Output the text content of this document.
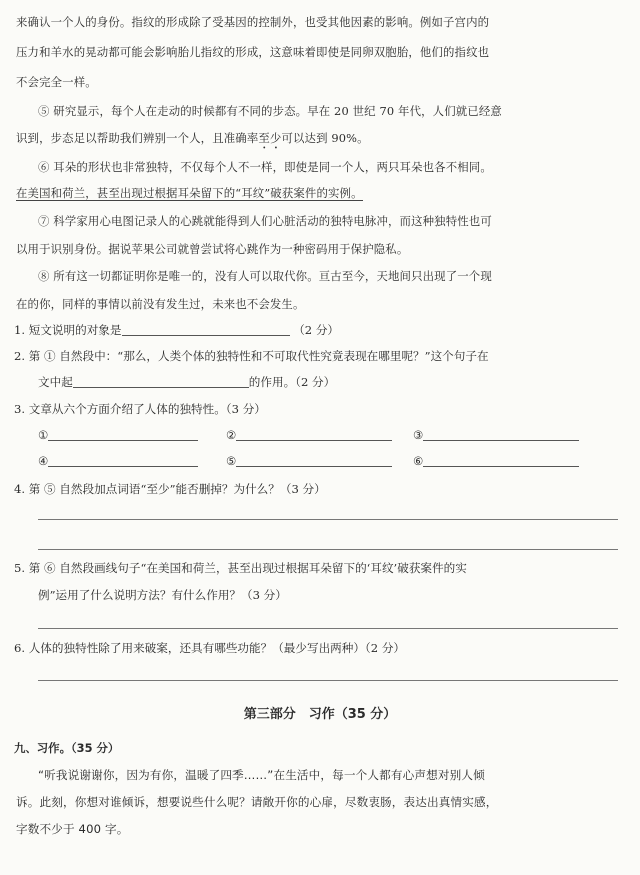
来确认一个人的身份。指纹的形成除了受基因的控制外，也受其他因素的影响。例如子宫内的
压力和羊水的晃动都可能会影响胎儿指纹的形成，这意味着即使是同卵双胞胎，他们的指纹也
不会完全一样。
⑤ 研究显示，每个人在走动的时候都有不同的步态。早在 20 世纪 70 年代，人们就已经意
识到，步态足以帮助我们辨别一个人，且准确率至少可以达到 90%。
⑥ 耳朵的形状也非常独特，不仅每个人不一样，即使是同一个人，两只耳朵也各不相同。
在美国和荷兰，甚至出现过根据耳朵留下的“耳纹”破获案件的实例。
⑦ 科学家用心电图记录人的心跳就能得到人们心脏活动的独特电脉冲，而这种独特性也可
以用于识别身份。据说苹果公司就曾尝试将心跳作为一种密码用于保护隐私。
⑧ 所有这一切都证明你是唯一的，没有人可以取代你。亘古至今，天地间只出现了一个现
在的你，同样的事情以前没有发生过，未来也不会发生。
1. 短文说明的对象是	（2 分）
2. 第 ① 自然段中：“那么，人类个体的独特性和不可取代性究竟表现在哪里呢？”这个句子在
文中起	的作用。（2 分）
3. 文章从六个方面介绍了人体的独特性。（3 分）
①	②	③
④	⑤	⑥
4. 第 ⑤ 自然段加点词语“至少”能否删掉？为什么？（3 分）
5. 第 ⑥ 自然段画线句子“在美国和荷兰，甚至出现过根据耳朵留下的‘耳纹’破获案件的实
例”运用了什么说明方法？有什么作用？（3 分）
6. 人体的独特性除了用来破案，还具有哪些功能？（最少写出两种）（2 分）
第三部分　习作（35 分）
九、习作。（35 分）
“听我说谢谢你，因为有你，温暖了四季……”在生活中，每一个人都有心声想对别人倾
诉。此刻，你想对谁倾诉，想要说些什么呢？请敞开你的心扉，尽数衷肠，表达出真情实感，
字数不少于 400 字。
